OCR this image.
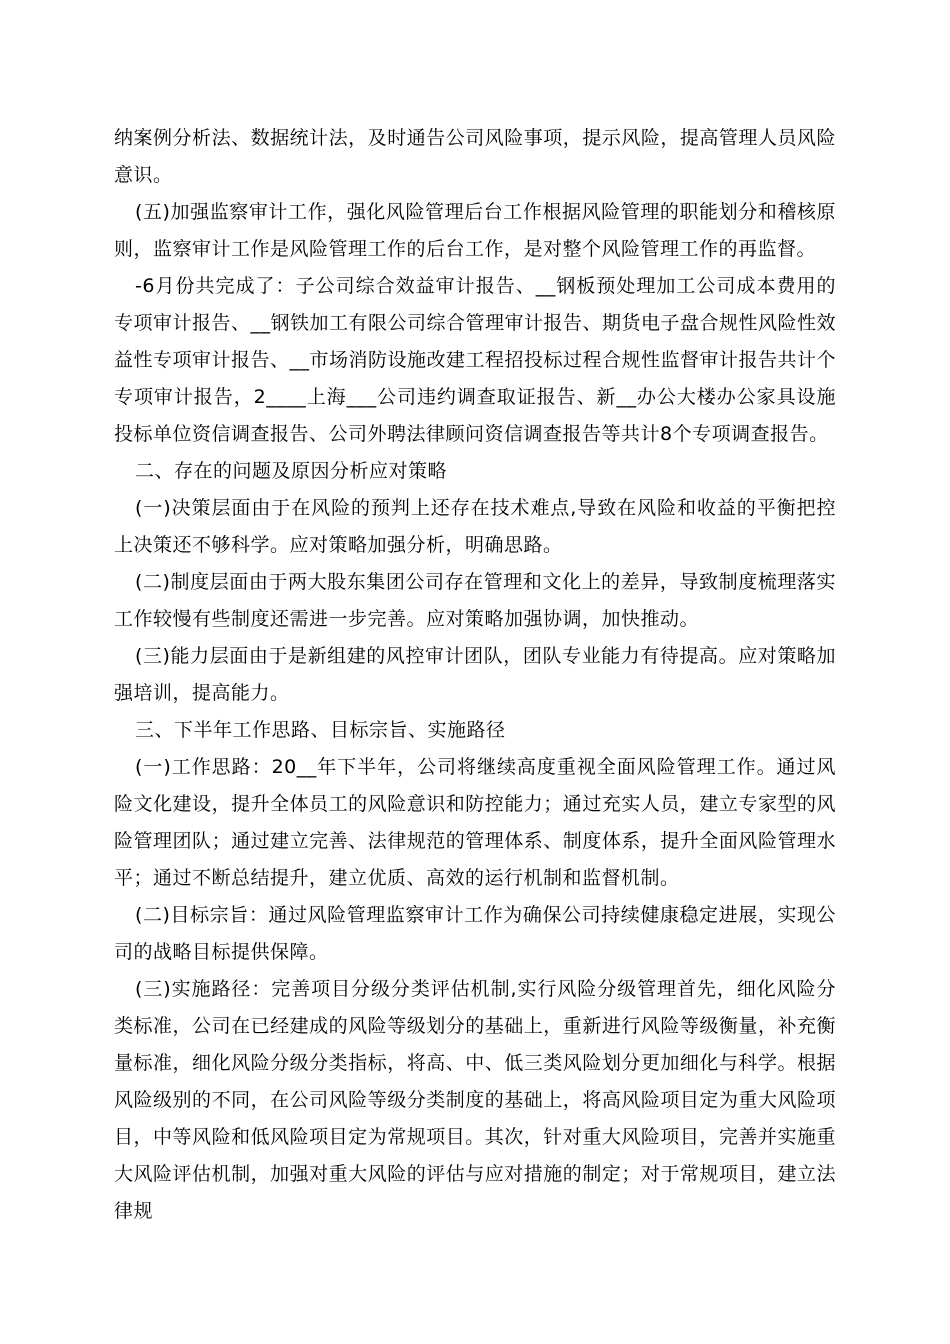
纳案例分析法、数据统计法，及时通告公司风险事项，提示风险，提高管理人员风险意识。

(五)加强监察审计工作，强化风险管理后台工作根据风险管理的职能划分和稽核原则，监察审计工作是风险管理工作的后台工作，是对整个风险管理工作的再监督。

-6月份共完成了：子公司综合效益审计报告、__钢板预处理加工公司成本费用的专项审计报告、__钢铁加工有限公司综合管理审计报告、期货电子盘合规性风险性效益性专项审计报告、__市场消防设施改建工程招投标过程合规性监督审计报告共计个专项审计报告，2____上海___公司违约调查取证报告、新__办公大楼办公家具设施投标单位资信调查报告、公司外聘法律顾问资信调查报告等共计8个专项调查报告。

二、存在的问题及原因分析应对策略

(一)决策层面由于在风险的预判上还存在技术难点,导致在风险和收益的平衡把控上决策还不够科学。应对策略加强分析，明确思路。

(二)制度层面由于两大股东集团公司存在管理和文化上的差异，导致制度梳理落实工作较慢有些制度还需进一步完善。应对策略加强协调，加快推动。

(三)能力层面由于是新组建的风控审计团队，团队专业能力有待提高。应对策略加强培训，提高能力。

三、下半年工作思路、目标宗旨、实施路径

(一)工作思路：20__年下半年，公司将继续高度重视全面风险管理工作。通过风险文化建设，提升全体员工的风险意识和防控能力；通过充实人员，建立专家型的风险管理团队；通过建立完善、法律规范的管理体系、制度体系，提升全面风险管理水平；通过不断总结提升，建立优质、高效的运行机制和监督机制。

(二)目标宗旨：通过风险管理监察审计工作为确保公司持续健康稳定进展，实现公司的战略目标提供保障。

(三)实施路径：完善项目分级分类评估机制,实行风险分级管理首先，细化风险分类标准，公司在已经建成的风险等级划分的基础上，重新进行风险等级衡量，补充衡量标准，细化风险分级分类指标，将高、中、低三类风险划分更加细化与科学。根据风险级别的不同，在公司风险等级分类制度的基础上，将高风险项目定为重大风险项目，中等风险和低风险项目定为常规项目。其次，针对重大风险项目，完善并实施重大风险评估机制，加强对重大风险的评估与应对措施的制定；对于常规项目，建立法律规
